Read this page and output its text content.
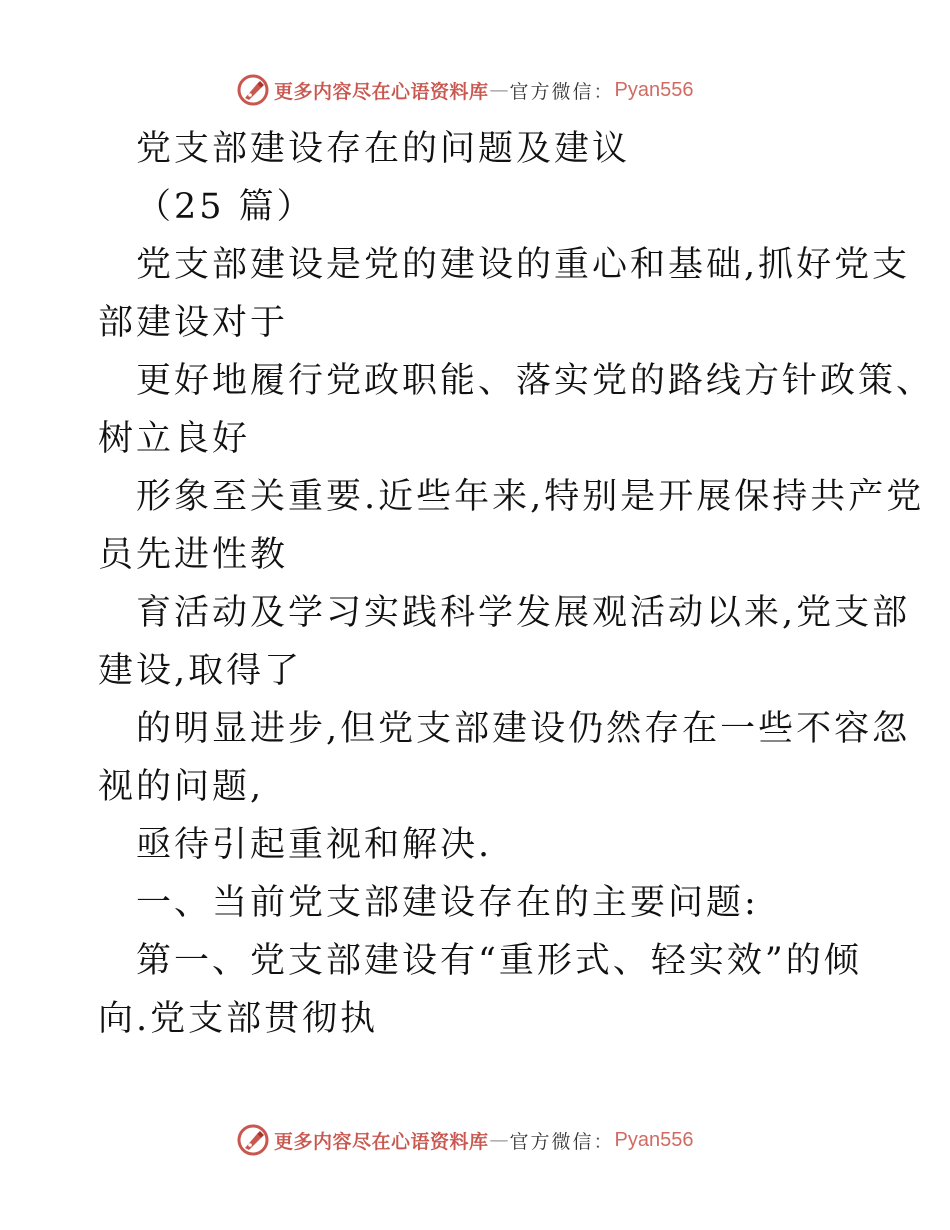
更多内容尽在心语资料库 — 官方微信 ： Pyan556
党支部建设存在的问题及建议
（25 篇）
党支部建设是党的建设的重心和基础,抓好党支
部建设对于
更好地履行党政职能、落实党的路线方针政策、
树立良好
形象至关重要.近些年来,特别是开展保持共产党
员先进性教
育活动及学习实践科学发展观活动以来,党支部
建设,取得了
的明显进步,但党支部建设仍然存在一些不容忽
视的问题,
亟待引起重视和解决.
一、当前党支部建设存在的主要问题:
第一、党支部建设有“重形式、轻实效”的倾
向.党支部贯彻执
更多内容尽在心语资料库 — 官方微信 ： Pyan556
